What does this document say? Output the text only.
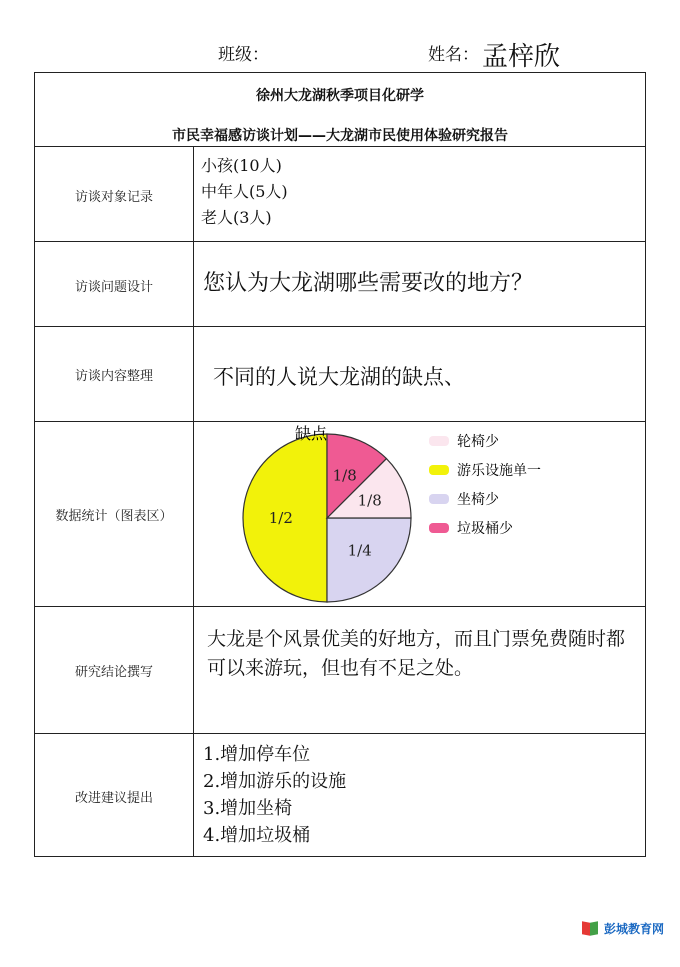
班级：	姓名： 孟梓欣
徐州大龙湖秋季项目化研学
市民幸福感访谈计划——大龙湖市民使用体验研究报告
访谈对象记录
访谈问题设计
访谈内容整理
数据统计（图表区）
研究结论撰写
改进建议提出
小孩(10人)
中年人(5人)
老人(3人)
您认为大龙湖哪些需要改的地方？
不同的人说大龙湖的缺点、
1/2
1/4
1/8
1/8
缺点	轮椅少
游乐设施单一
坐椅少
垃圾桶少
大龙是个风景优美的好地方，而且门票免费随时都可以来游玩，但也有不足之处。
1.增加停车位
2.增加游乐的设施
3.增加坐椅
4.增加垃圾桶
彭城教育网
